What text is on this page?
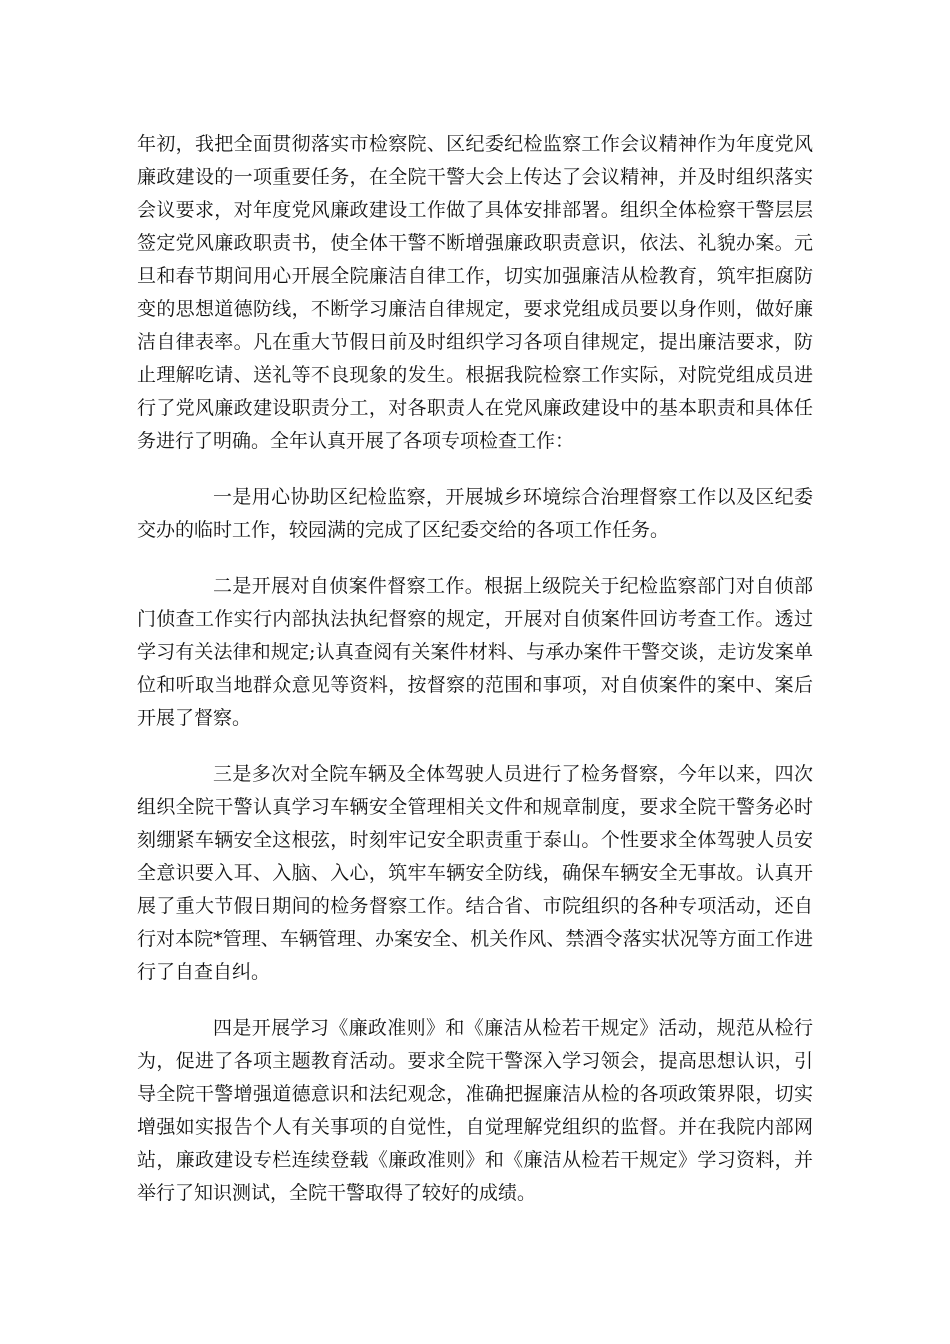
年初，我把全面贯彻落实市检察院、区纪委纪检监察工作会议精神作为年度党风廉政建设的一项重要任务，在全院干警大会上传达了会议精神，并及时组织落实会议要求，对年度党风廉政建设工作做了具体安排部署。组织全体检察干警层层签定党风廉政职责书，使全体干警不断增强廉政职责意识，依法、礼貌办案。元旦和春节期间用心开展全院廉洁自律工作，切实加强廉洁从检教育，筑牢拒腐防变的思想道德防线，不断学习廉洁自律规定，要求党组成员要以身作则，做好廉洁自律表率。凡在重大节假日前及时组织学习各项自律规定，提出廉洁要求，防止理解吃请、送礼等不良现象的发生。根据我院检察工作实际，对院党组成员进行了党风廉政建设职责分工，对各职责人在党风廉政建设中的基本职责和具体任务进行了明确。全年认真开展了各项专项检查工作：

一是用心协助区纪检监察，开展城乡环境综合治理督察工作以及区纪委交办的临时工作，较园满的完成了区纪委交给的各项工作任务。

二是开展对自侦案件督察工作。根据上级院关于纪检监察部门对自侦部门侦查工作实行内部执法执纪督察的规定，开展对自侦案件回访考查工作。透过学习有关法律和规定;认真查阅有关案件材料、与承办案件干警交谈，走访发案单位和听取当地群众意见等资料，按督察的范围和事项，对自侦案件的案中、案后开展了督察。

三是多次对全院车辆及全体驾驶人员进行了检务督察，今年以来，四次组织全院干警认真学习车辆安全管理相关文件和规章制度，要求全院干警务必时刻绷紧车辆安全这根弦，时刻牢记安全职责重于泰山。个性要求全体驾驶人员安全意识要入耳、入脑、入心，筑牢车辆安全防线，确保车辆安全无事故。认真开展了重大节假日期间的检务督察工作。结合省、市院组织的各种专项活动，还自行对本院*管理、车辆管理、办案安全、机关作风、禁酒令落实状况等方面工作进行了自查自纠。

四是开展学习《廉政准则》和《廉洁从检若干规定》活动，规范从检行为，促进了各项主题教育活动。要求全院干警深入学习领会，提高思想认识，引导全院干警增强道德意识和法纪观念，准确把握廉洁从检的各项政策界限，切实增强如实报告个人有关事项的自觉性，自觉理解党组织的监督。并在我院内部网站，廉政建设专栏连续登载《廉政准则》和《廉洁从检若干规定》学习资料，并举行了知识测试，全院干警取得了较好的成绩。
